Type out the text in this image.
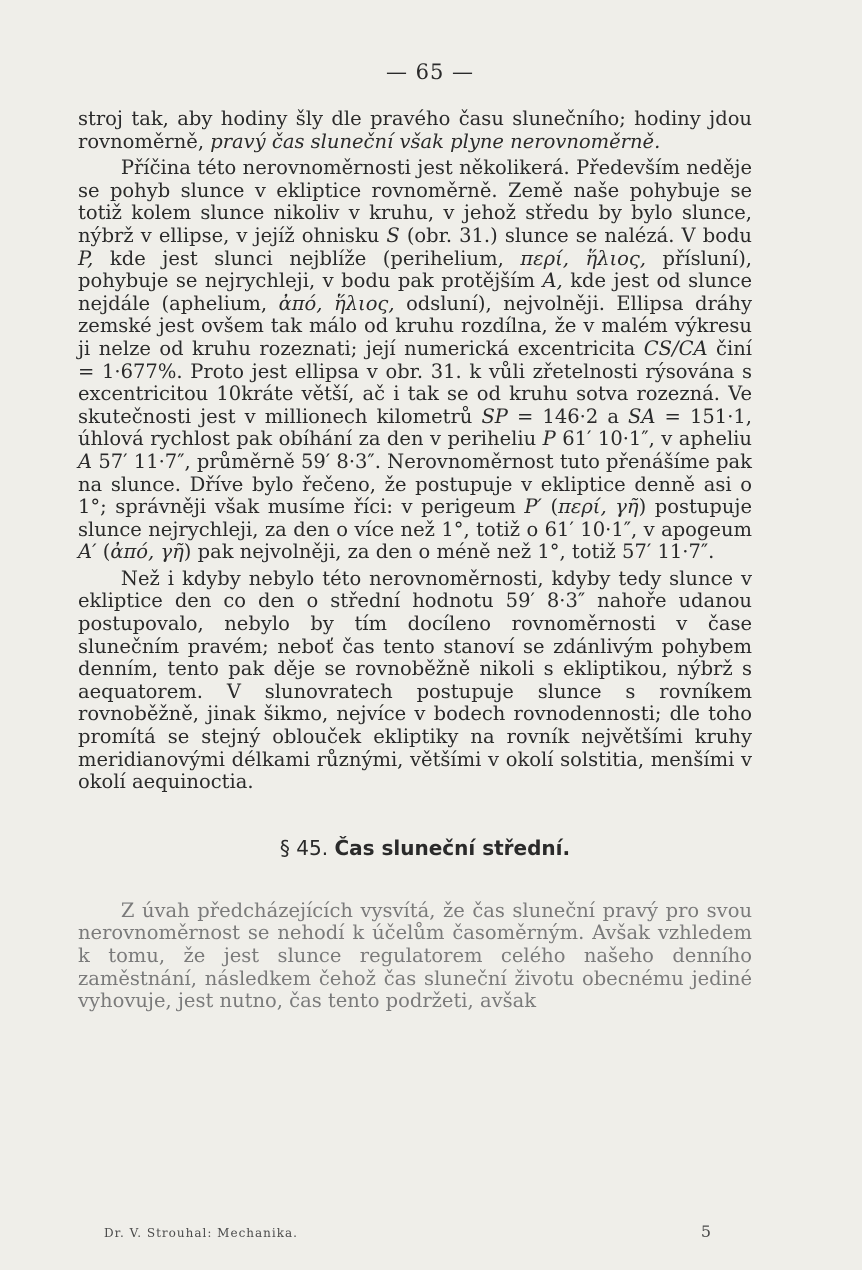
— 65 —

stroj tak, aby hodiny šly dle pravého času slunečního; hodiny jdou rovnoměrně, pravý čas sluneční však plyne nerovnoměrně.

Příčina této nerovnoměrnosti jest několikerá. Především neděje se pohyb slunce v ekliptice rovnoměrně. Země naše pohybuje se totiž kolem slunce nikoliv v kruhu, v jehož středu by bylo slunce, nýbrž v ellipse, v jejíž ohnisku S (obr. 31.) slunce se nalézá. V bodu P, kde jest slunci nejblíže (perihelium, περί, ἥλιος, přísluní), pohybuje se nejrychleji, v bodu pak protějším A, kde jest od slunce nejdále (aphelium, ἀπό, ἥλιος, odsluní), nejvolněji. Ellipsa dráhy zemské jest ovšem tak málo od kruhu rozdílna, že v malém výkresu ji nelze od kruhu rozeznati; její numerická excentricita CS/CA činí = 1·677%. Proto jest ellipsa v obr. 31. k vůli zřetelnosti rýsována s excentricitou 10kráte větší, ač i tak se od kruhu sotva rozezná. Ve skutečnosti jest v millionech kilometrů SP = 146·2 a SA = 151·1, úhlová rychlost pak obíhání za den v periheliu P 61′ 10·1″, v apheliu A 57′ 11·7″, průměrně 59′ 8·3″. Nerovnoměrnost tuto přenášíme pak na slunce. Dříve bylo řečeno, že postupuje v ekliptice denně asi o 1°; správněji však musíme říci: v perigeum P′ (περί, γῆ) postupuje slunce nejrychleji, za den o více než 1°, totiž o 61′ 10·1″, v apogeum A′ (ἀπό, γῆ) pak nejvolněji, za den o méně než 1°, totiž 57′ 11·7″.

Než i kdyby nebylo této nerovnoměrnosti, kdyby tedy slunce v ekliptice den co den o střední hodnotu 59′ 8·3″ nahoře udanou postupovalo, nebylo by tím docíleno rovnoměrnosti v čase slunečním pravém; neboť čas tento stanoví se zdánlivým pohybem denním, tento pak děje se rovnoběžně nikoli s ekliptikou, nýbrž s aequatorem. V slunovratech postupuje slunce s rovníkem rovnoběžně, jinak šikmo, nejvíce v bodech rovnodennosti; dle toho promítá se stejný oblouček ekliptiky na rovník největšími kruhy meridianovými délkami různými, většími v okolí solstitia, menšími v okolí aequinoctia.

§ 45. Čas sluneční střední.

Z úvah předcházejících vysvítá, že čas sluneční pravý pro svou nerovnoměrnost se nehodí k účelům časoměrným. Avšak vzhledem k tomu, že jest slunce regulatorem celého našeho denního zaměstnání, následkem čehož čas sluneční životu obecnému jediné vyhovuje, jest nutno, čas tento podržeti, avšak

Dr. V. Strouhal: Mechanika.	5
